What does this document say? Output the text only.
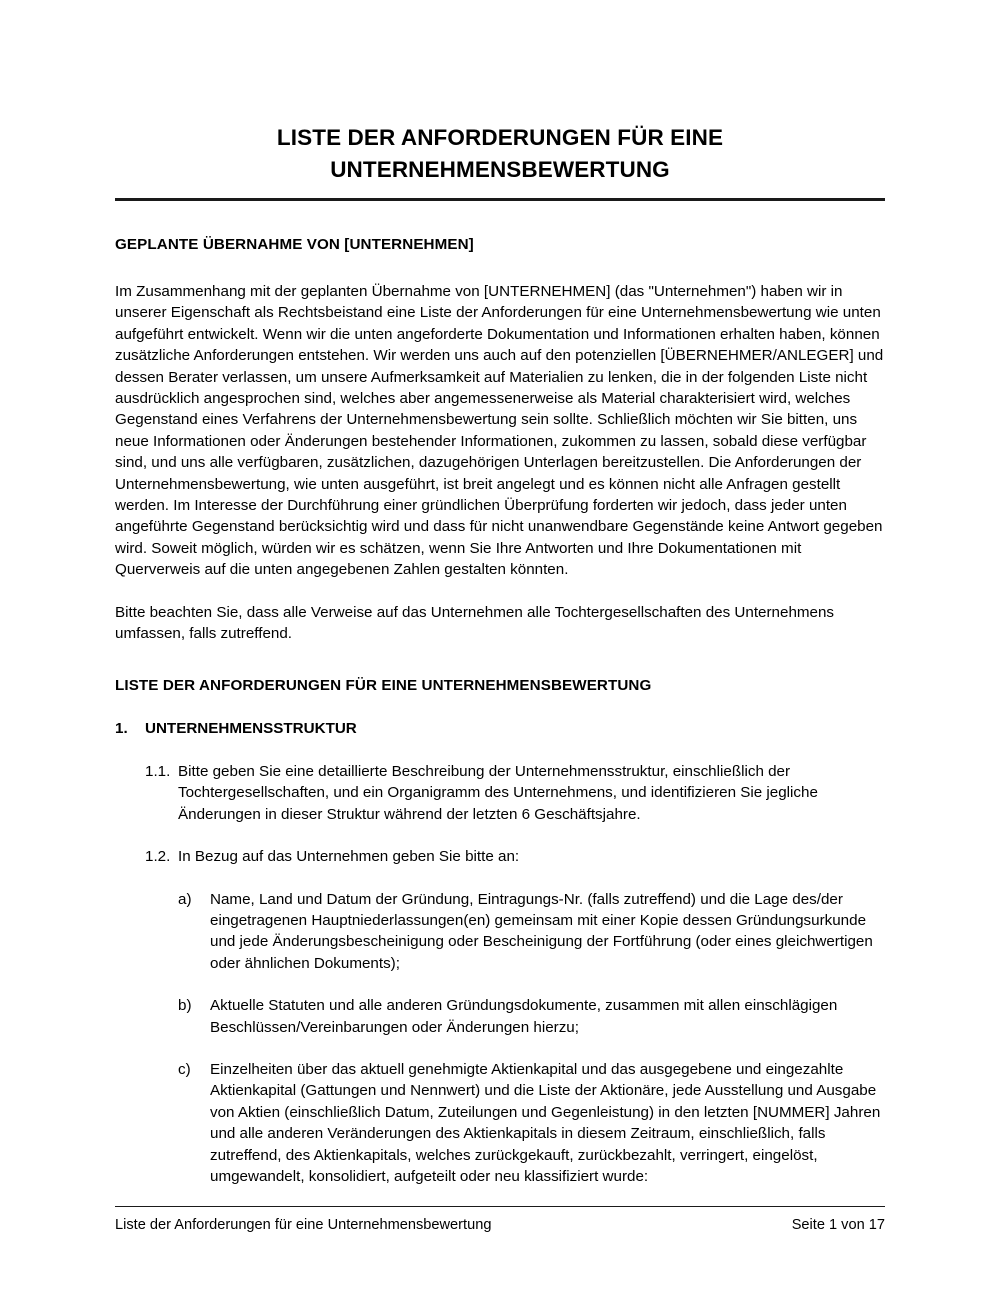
LISTE DER ANFORDERUNGEN FÜR EINE
UNTERNEHMENSBEWERTUNG
GEPLANTE ÜBERNAHME VON [UNTERNEHMEN]

Im Zusammenhang mit der geplanten Übernahme von [UNTERNEHMEN] (das "Unternehmen") haben wir in unserer Eigenschaft als Rechtsbeistand eine Liste der Anforderungen für eine Unternehmensbewertung wie unten aufgeführt entwickelt. Wenn wir die unten angeforderte Dokumentation und Informationen erhalten haben, können zusätzliche Anforderungen entstehen. Wir werden uns auch auf den potenziellen [ÜBERNEHMER/ANLEGER] und dessen Berater verlassen, um unsere Aufmerksamkeit auf Materialien zu lenken, die in der folgenden Liste nicht ausdrücklich angesprochen sind, welches aber angemessenerweise als Material charakterisiert wird, welches Gegenstand eines Verfahrens der Unternehmensbewertung sein sollte. Schließlich möchten wir Sie bitten, uns neue Informationen oder Änderungen bestehender Informationen, zukommen zu lassen, sobald diese verfügbar sind, und uns alle verfügbaren, zusätzlichen, dazugehörigen Unterlagen bereitzustellen. Die Anforderungen der Unternehmensbewertung, wie unten ausgeführt, ist breit angelegt und es können nicht alle Anfragen gestellt werden. Im Interesse der Durchführung einer gründlichen Überprüfung forderten wir jedoch, dass jeder unten angeführte Gegenstand berücksichtig wird und dass für nicht unanwendbare Gegenstände keine Antwort gegeben wird. Soweit möglich, würden wir es schätzen, wenn Sie Ihre Antworten und Ihre Dokumentationen mit Querverweis auf die unten angegebenen Zahlen gestalten könnten.

Bitte beachten Sie, dass alle Verweise auf das Unternehmen alle Tochtergesellschaften des Unternehmens umfassen, falls zutreffend.

LISTE DER ANFORDERUNGEN FÜR EINE UNTERNEHMENSBEWERTUNG
1.	UNTERNEHMENSSTRUKTUR
1.1. Bitte geben Sie eine detaillierte Beschreibung der Unternehmensstruktur, einschließlich der Tochtergesellschaften, und ein Organigramm des Unternehmens, und identifizieren Sie jegliche Änderungen in dieser Struktur während der letzten 6 Geschäftsjahre.
1.2. In Bezug auf das Unternehmen geben Sie bitte an:
a)	Name, Land und Datum der Gründung, Eintragungs-Nr. (falls zutreffend) und die Lage des/der eingetragenen Hauptniederlassungen(en) gemeinsam mit einer Kopie dessen Gründungsurkunde und jede Änderungsbescheinigung oder Bescheinigung der Fortführung (oder eines gleichwertigen oder ähnlichen Dokuments);
b)	Aktuelle Statuten und alle anderen Gründungsdokumente, zusammen mit allen einschlägigen Beschlüssen/Vereinbarungen oder Änderungen hierzu;
c)	Einzelheiten über das aktuell genehmigte Aktienkapital und das ausgegebene und eingezahlte Aktienkapital (Gattungen und Nennwert) und die Liste der Aktionäre, jede Ausstellung und Ausgabe von Aktien (einschließlich Datum, Zuteilungen und Gegenleistung) in den letzten [NUMMER] Jahren und alle anderen Veränderungen des Aktienkapitals in diesem Zeitraum, einschließlich, falls zutreffend, des Aktienkapitals, welches zurückgekauft, zurückbezahlt, verringert, eingelöst, umgewandelt, konsolidiert, aufgeteilt oder neu klassifiziert wurde:
Liste der Anforderungen für eine Unternehmensbewertung	Seite 1 von 17
